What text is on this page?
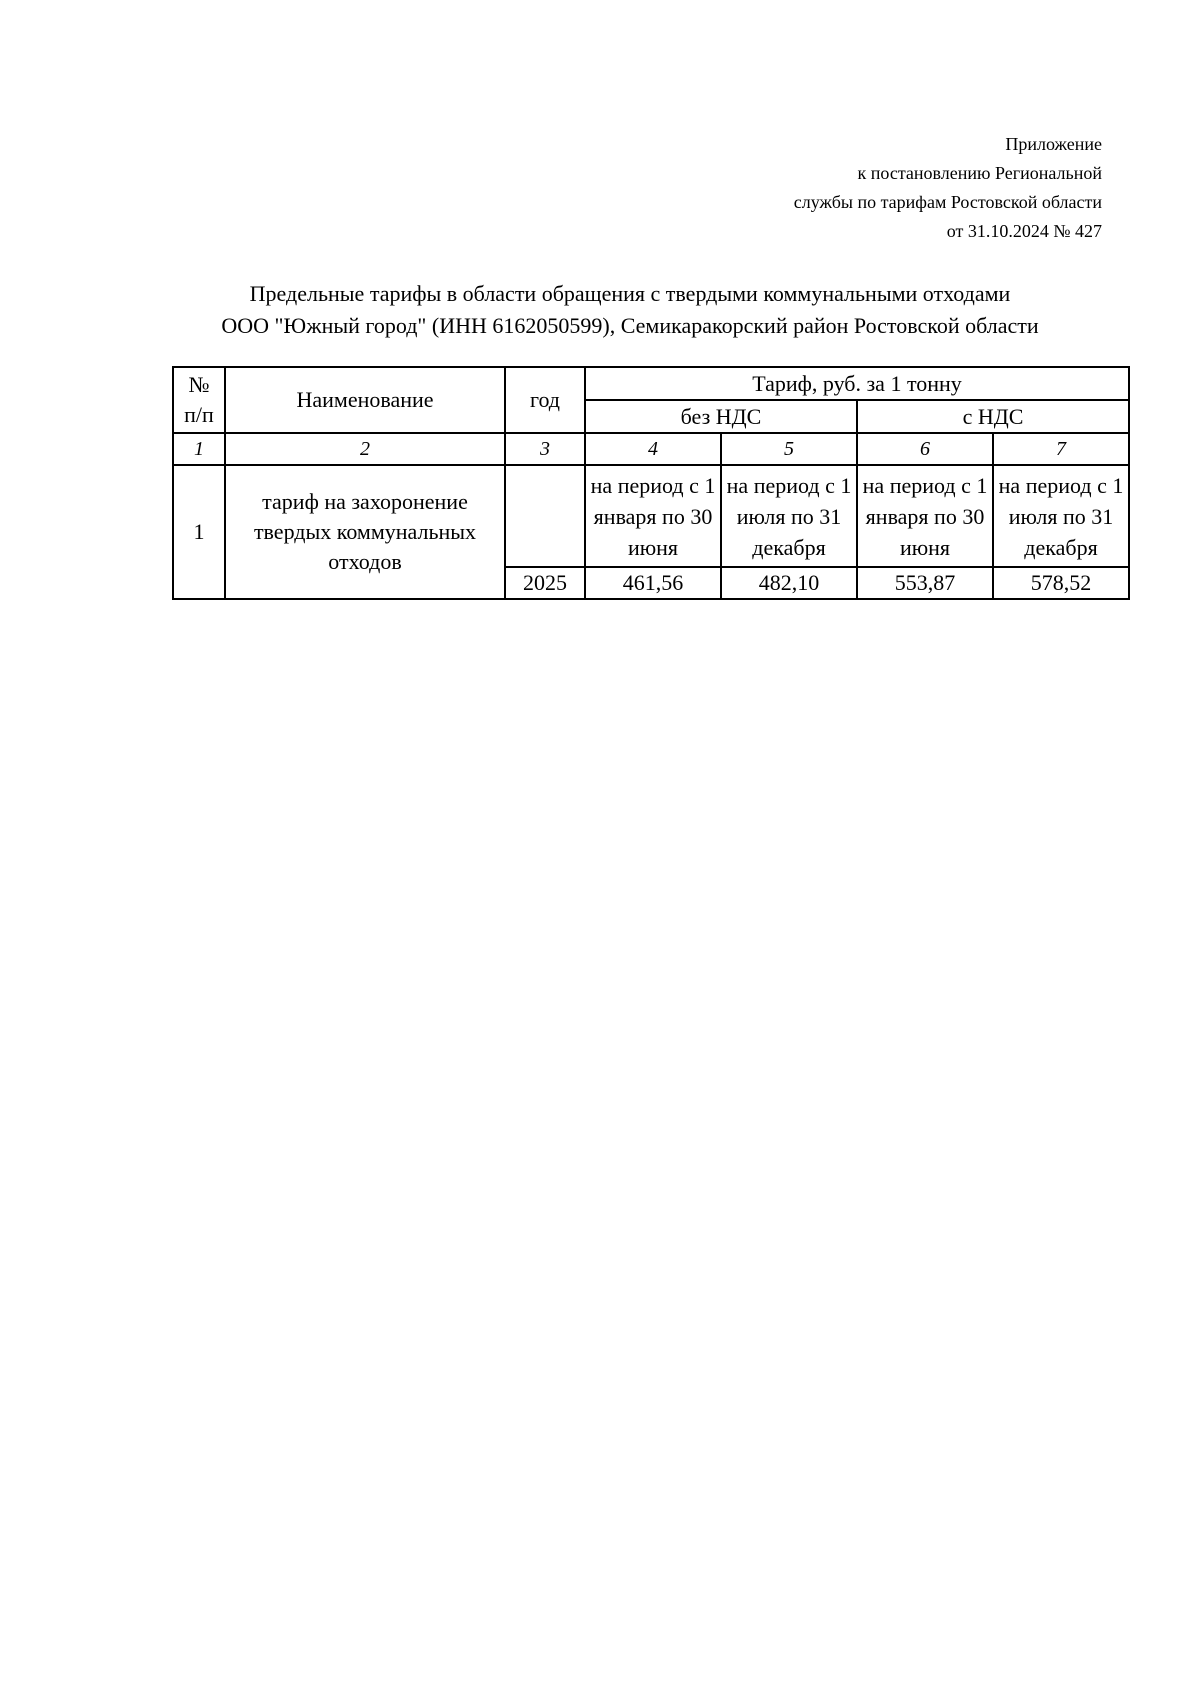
Приложение
к постановлению Региональной
службы по тарифам Ростовской области
от 31.10.2024 № 427
Предельные тарифы в области обращения с твердыми коммунальными отходами
ООО "Южный город" (ИНН 6162050599), Семикаракорский район Ростовской области
№ п/п	Наименование	год	Тариф, руб. за 1 тонну			
			без НДС		с НДС	
1	2	3	4	5	6	7
1	тариф на захоронение твердых коммунальных отходов		на период с 1 января по 30 июня	на период с 1 июля по 31 декабря	на период с 1 января по 30 июня	на период с 1 июля по 31 декабря
		2025	461,56	482,10	553,87	578,52
